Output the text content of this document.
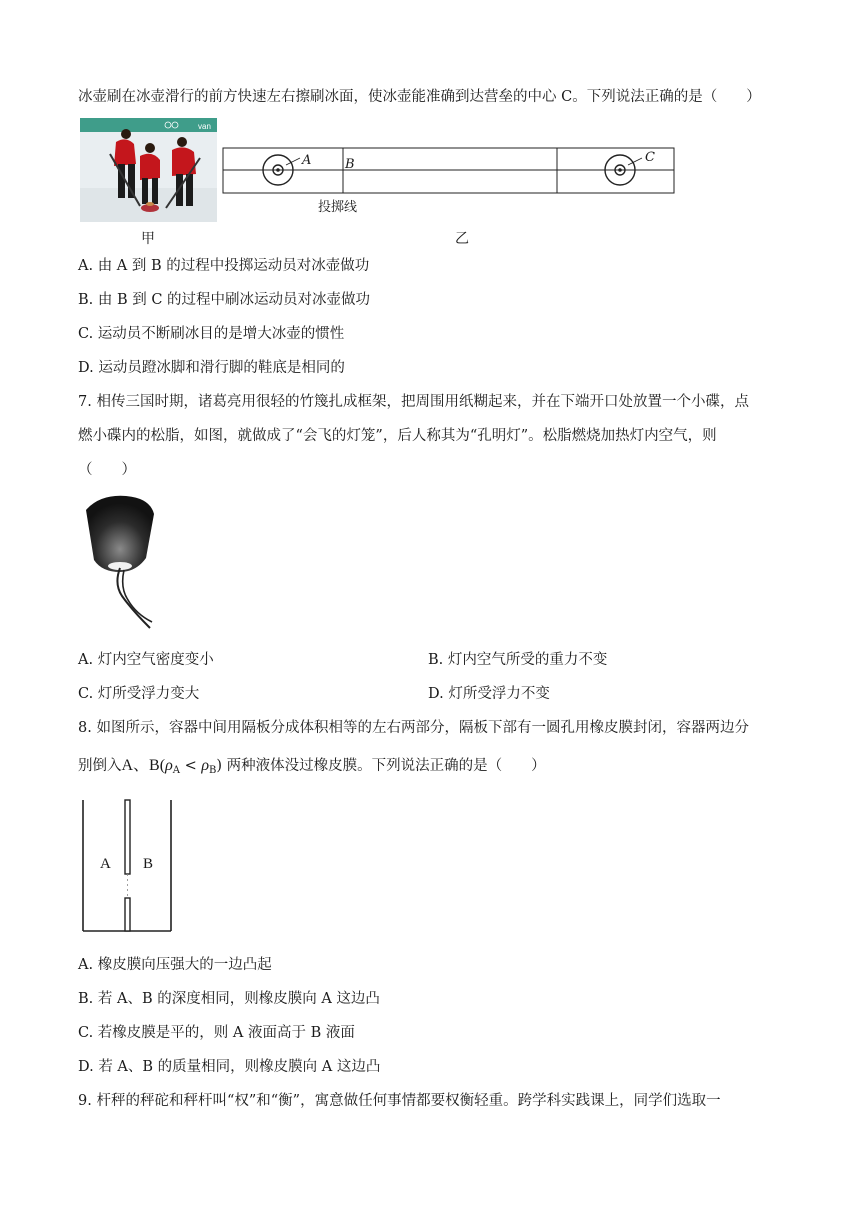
冰壶刷在冰壶滑行的前方快速左右擦刷冰面，使冰壶能准确到达营垒的中心 C。下列说法正确的是（　　）
van
甲
A	B	C
投掷线
乙
A. 由 A 到 B 的过程中投掷运动员对冰壶做功
B. 由 B 到 C 的过程中刷冰运动员对冰壶做功
C. 运动员不断刷冰目的是增大冰壶的惯性
D. 运动员蹬冰脚和滑行脚的鞋底是相同的
7. 相传三国时期，诸葛亮用很轻的竹篾扎成框架，把周围用纸糊起来，并在下端开口处放置一个小碟，点
燃小碟内的松脂，如图，就做成了“会飞的灯笼”，后人称其为“孔明灯”。松脂燃烧加热灯内空气，则
（　　）
A. 灯内空气密度变小	B. 灯内空气所受的重力不变
C. 灯所受浮力变大	D. 灯所受浮力不变
8. 如图所示，容器中间用隔板分成体积相等的左右两部分，隔板下部有一圆孔用橡皮膜封闭，容器两边分
别倒入A、$B(\rho_A < \rho_B)$ 两种液体没过橡皮膜。下列说法正确的是（　　）
A B
A. 橡皮膜向压强大的一边凸起
B. 若 A、B 的深度相同，则橡皮膜向 A 这边凸
C. 若橡皮膜是平的，则 A 液面高于 B 液面
D. 若 A、B 的质量相同，则橡皮膜向 A 这边凸
9. 杆秤的秤砣和秤杆叫“权”和“衡”，寓意做任何事情都要权衡轻重。跨学科实践课上，同学们选取一
